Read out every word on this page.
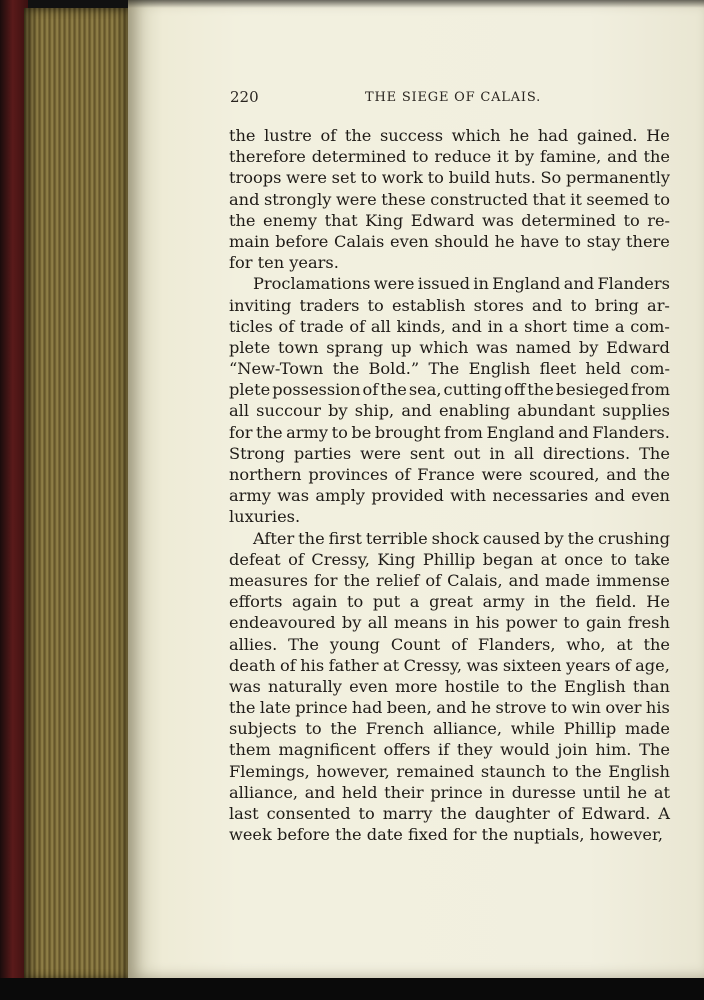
220	THE SIEGE OF CALAIS.
the lustre of the success which he had gained. He
therefore determined to reduce it by famine, and the
troops were set to work to build huts. So permanently
and strongly were these constructed that it seemed to
the enemy that King Edward was determined to re-
main before Calais even should he have to stay there
for ten years.
Proclamations were issued in England and Flanders
inviting traders to establish stores and to bring ar-
ticles of trade of all kinds, and in a short time a com-
plete town sprang up which was named by Edward
“New-Town the Bold.” The English fleet held com-
plete possession of the sea, cutting off the besieged from
all succour by ship, and enabling abundant supplies
for the army to be brought from England and Flanders.
Strong parties were sent out in all directions. The
northern provinces of France were scoured, and the
army was amply provided with necessaries and even
luxuries.
After the first terrible shock caused by the crushing
defeat of Cressy, King Phillip began at once to take
measures for the relief of Calais, and made immense
efforts again to put a great army in the field. He
endeavoured by all means in his power to gain fresh
allies. The young Count of Flanders, who, at the
death of his father at Cressy, was sixteen years of age,
was naturally even more hostile to the English than
the late prince had been, and he strove to win over his
subjects to the French alliance, while Phillip made
them magnificent offers if they would join him. The
Flemings, however, remained staunch to the English
alliance, and held their prince in duresse until he at
last consented to marry the daughter of Edward. A
week before the date fixed for the nuptials, however,
